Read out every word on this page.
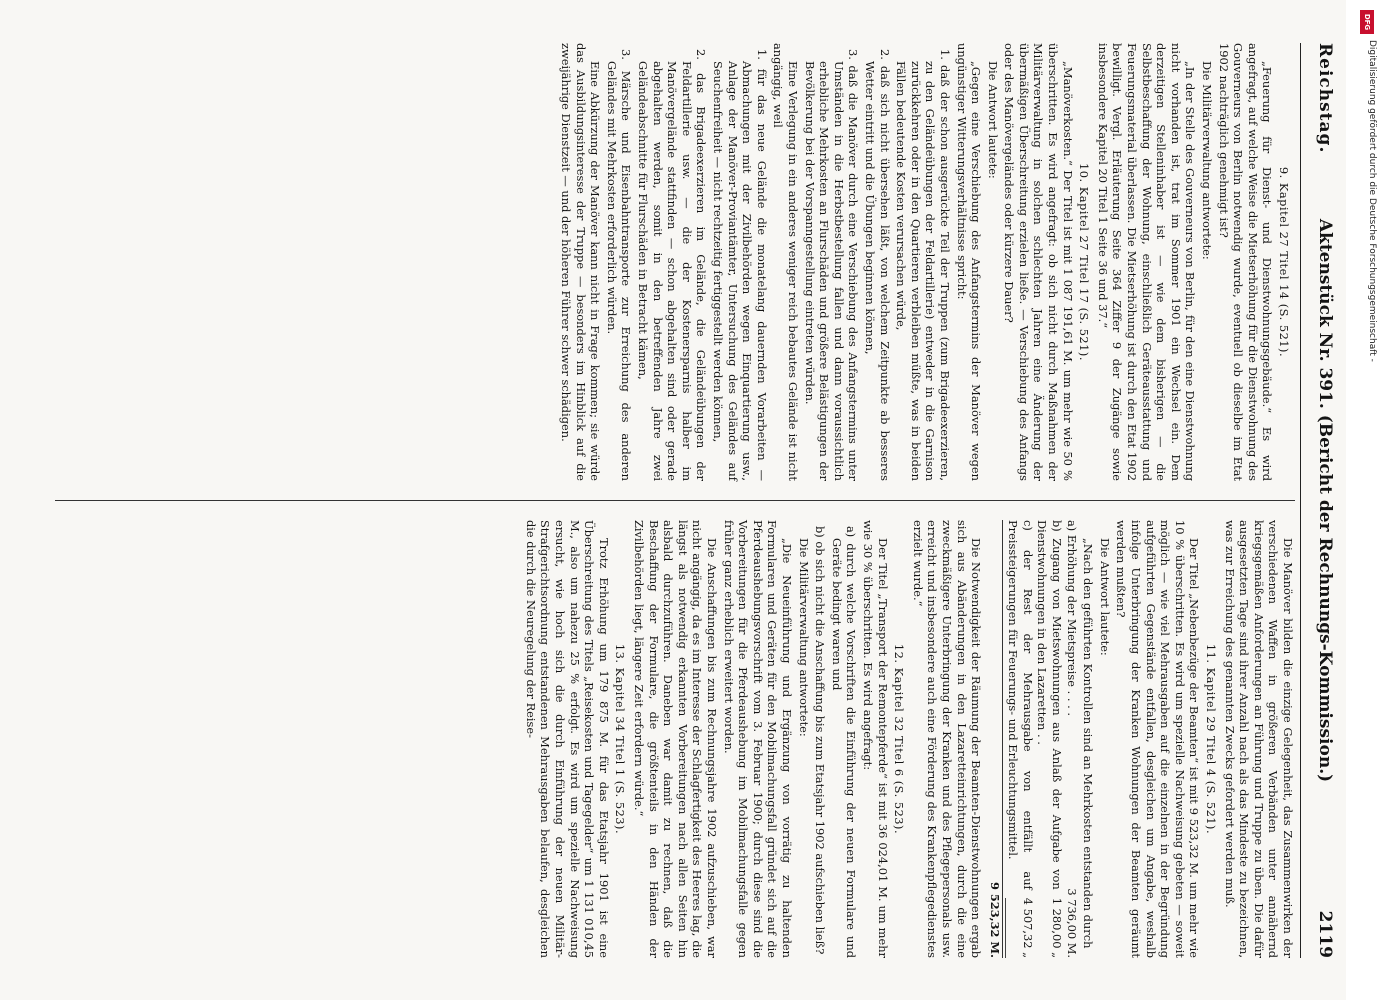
Reichstag.
Aktenstück Nr. 391. (Bericht der Rechnungs-Kommission.)
2119

9. Kapitel 27 Titel 14 (S. 521).

„Feuerung für Dienst- und Dienstwohnungsgebäude.“ Es wird angefragt, auf welche Weise die Mietserhöhung für die Dienstwohnung des Gouverneurs von Berlin notwendig wurde, eventuell ob dieselbe im Etat 1902 nachträglich genehmigt ist?

Die Militärverwaltung antwortete:

„In der Stelle des Gouverneurs von Berlin, für den eine Dienstwohnung nicht vorhanden ist, trat im Sommer 1901 ein Wechsel ein. Dem derzeitigen Stelleninhaber ist — wie dem bisherigen — die Selbstbeschaffung der Wohnung, einschließlich Geräteausstattung und Feuerungsmaterial überlassen. Die Mietserhöhung ist durch den Etat 1902 bewilligt. Vergl. Erläuterung Seite 364 Ziffer 9 der Zugänge sowie insbesondere Kapitel 20 Titel 1 Seite 36 und 37.“

10. Kapitel 27 Titel 17 (S. 521).

„Manöverkosten.“ Der Titel ist mit 1 087 191,61 M. um mehr wie 50 % überschritten. Es wird angefragt: ob sich nicht durch Maßnahmen der Militärverwaltung in solchen schlechten Jahren eine Änderung der übermäßigen Überschreitung erzielen ließe. — Verschiebung des Anfangs oder des Manövergeländes oder kürzere Dauer?

Die Antwort lautete:

„Gegen eine Verschiebung des Anfangstermins der Manöver wegen ungünstiger Witterungsverhältnisse spricht:

1. daß der schon ausgerückte Teil der Truppen (zum Brigadeexerzieren, zu den Geländeübungen der Feldartillerie) entweder in die Garnison zurückkehren oder in den Quartieren verbleiben müßte, was in beiden Fällen bedeutende Kosten verursachen würde,

2. daß sich nicht übersehen läßt, von welchem Zeitpunkte ab besseres Wetter eintritt und die Übungen beginnen können,

3. daß die Manöver durch eine Verschiebung des Anfangstermins unter Umständen in die Herbstbestellung fallen und dann voraussichtlich erhebliche Mehrkosten an Flurschäden und größere Belästigungen der Bevölkerung bei der Vorspanngestellung eintreten würden.

Eine Verlegung in ein anderes weniger reich bebautes Gelände ist nicht angängig, weil

1. für das neue Gelände die monatelang dauernden Vorarbeiten — Abmachungen mit der Zivilbehörden wegen Einquartierung usw., Anlage der Manöver-Proviantämter, Untersuchung des Geländes auf Seuchenfreiheit — nicht rechtzeitig fertiggestellt werden können,

2. das Brigadeexerzieren im Gelände, die Geländeübungen der Feldartillerie usw. — die der Kostenersparnis halber im Manövergelände stattfinden — schon abgehalten sind oder gerade abgehalten werden, somit in den betreffenden Jahre zwei Geländeabschnitte für Flurschäden in Betracht kämen,

3. Märsche und Eisenbahntransporte zur Erreichung des anderen Geländes mit Mehrkosten erforderlich würden.

Eine Abkürzung der Manöver kann nicht in Frage kommen; sie würde das Ausbildungsinteresse der Truppe — besonders im Hinblick auf die zweijährige Dienstzeit — und der höheren Führer schwer schädigen.

Die Manöver bilden die einzige Gelegenheit, das Zusammenwirken der verschiedenen Waffen in größeren Verbänden unter annähernd kriegsgemäßen Anforderungen an Führung und Truppe zu üben. Die dafür ausgesetzten Tage sind ihrer Anzahl nach als das Mindeste zu bezeichnen, was zur Erreichung des genannten Zwecks gefordert werden muß.

11. Kapitel 29 Titel 4 (S. 521).

Der Titel „Nebenbezüge der Beamten“ ist mit 9 523,32 M. um mehr wie 10 % überschritten. Es wird um spezielle Nachweisung gebeten — soweit möglich — wie viel Mehrausgaben auf die einzelnen in der Begründung aufgeführten Gegenstände entfallen, desgleichen um Angabe, weshalb infolge Unterbringung der Kranken Wohnungen der Beamten geräumt werden mußten?

Die Antwort lautete:

„Nach den geführten Kontrollen sind an Mehrkosten entstanden durch

a) Erhöhung der Mietspreise . . . .
3 736,00 M.
b) Zugang von Mietswohnungen aus Anlaß der Aufgabe von Dienstwohnungen in den Lazaretten . .
1 280,00 „
c) der Rest der Mehrausgabe von entfällt auf Preissteigerungen für Feuerungs- und Erleuchtungsmittel.
4 507,32 „
9 523,32 M.

Die Notwendigkeit der Räumung der Beamten-Dienstwohnungen ergab sich aus Abänderungen in den Lazaretteinrichtungen, durch die eine zweckmäßigere Unterbringung der Kranken und des Pflegepersonals usw. erreicht und insbesondere auch eine Förderung des Krankenpflegedienstes erzielt wurde.“

12. Kapitel 32 Titel 6 (S. 523).

Der Titel „Transport der Remontepferde“ ist mit 36 024,01 M. um mehr wie 30 % überschritten. Es wird angefragt:

a) durch welche Vorschriften die Einführung der neuen Formulare und Geräte bedingt waren und

b) ob sich nicht die Anschaffung bis zum Etatsjahr 1902 aufschieben ließ?

Die Militärverwaltung antwortete:

„Die Neueinführung und Ergänzung von vorrätig zu haltenden Formularen und Geräten für den Mobilmachungsfall gründet sich auf die Pferdeaushebungsvorschrift vom 3. Februar 1900; durch diese sind die Vorbereitungen für die Pferdeaushebung im Mobilmachungsfalle gegen früher ganz erheblich erweitert worden.

Die Anschaffungen bis zum Rechnungsjahre 1902 aufzuschieben, war nicht angängig, da es im Interesse der Schlagfertigkeit des Heeres lag, die längst als notwendig erkannten Vorbereitungen nach allen Seiten hin alsbald durchzuführen. Daneben war damit zu rechnen, daß die Beschaffung der Formulare, die größtenteils in den Händen der Zivilbehörden liegt, längere Zeit erfordern würde.“

13. Kapitel 34 Titel 1 (S. 523).

Trotz Erhöhung um 179 875 M. für das Etatsjahr 1901 ist eine Überschreitung des Titels „Reisekosten und Tagegelder“ um 1 131 010,45 M., also um nahezu 25 % erfolgt. Es wird um spezielle Nachweisung ersucht, wie hoch sich die durch Einführung der neuen Militär-Strafgerichtsordnung entstandenen Mehrausgaben belaufen, desgleichen die durch die Neuregelung der Reise-

DFG
Digitalisierung gefördert durch die Deutsche Forschungsgemeinschaft -
